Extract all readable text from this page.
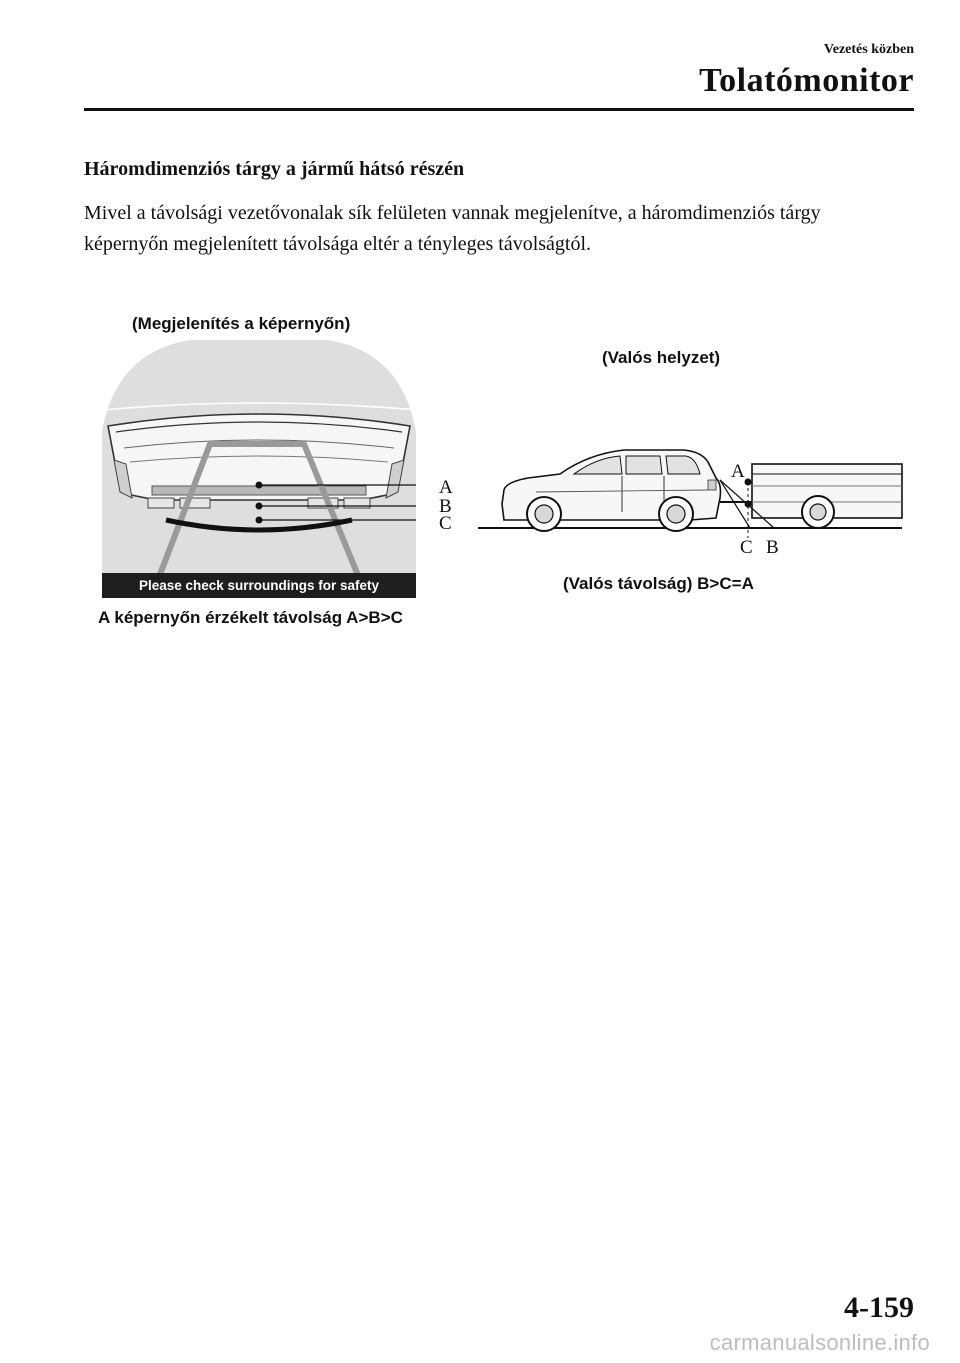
Vezetés közben
Tolatómonitor
Háromdimenziós tárgy a jármű hátsó részén

Mivel a távolsági vezetővonalak sík felületen vannak megjelenítve, a háromdimenziós tárgy képernyőn megjelenített távolsága eltér a tényleges távolságtól.

(Megjelenítés a képernyőn)
(Valós helyzet)
Please check surroundings for safety
A
B
C
A
C B
(Valós távolság) B>C=A
A képernyőn érzékelt távolság A>B>C
4-159
carmanualsonline.info
